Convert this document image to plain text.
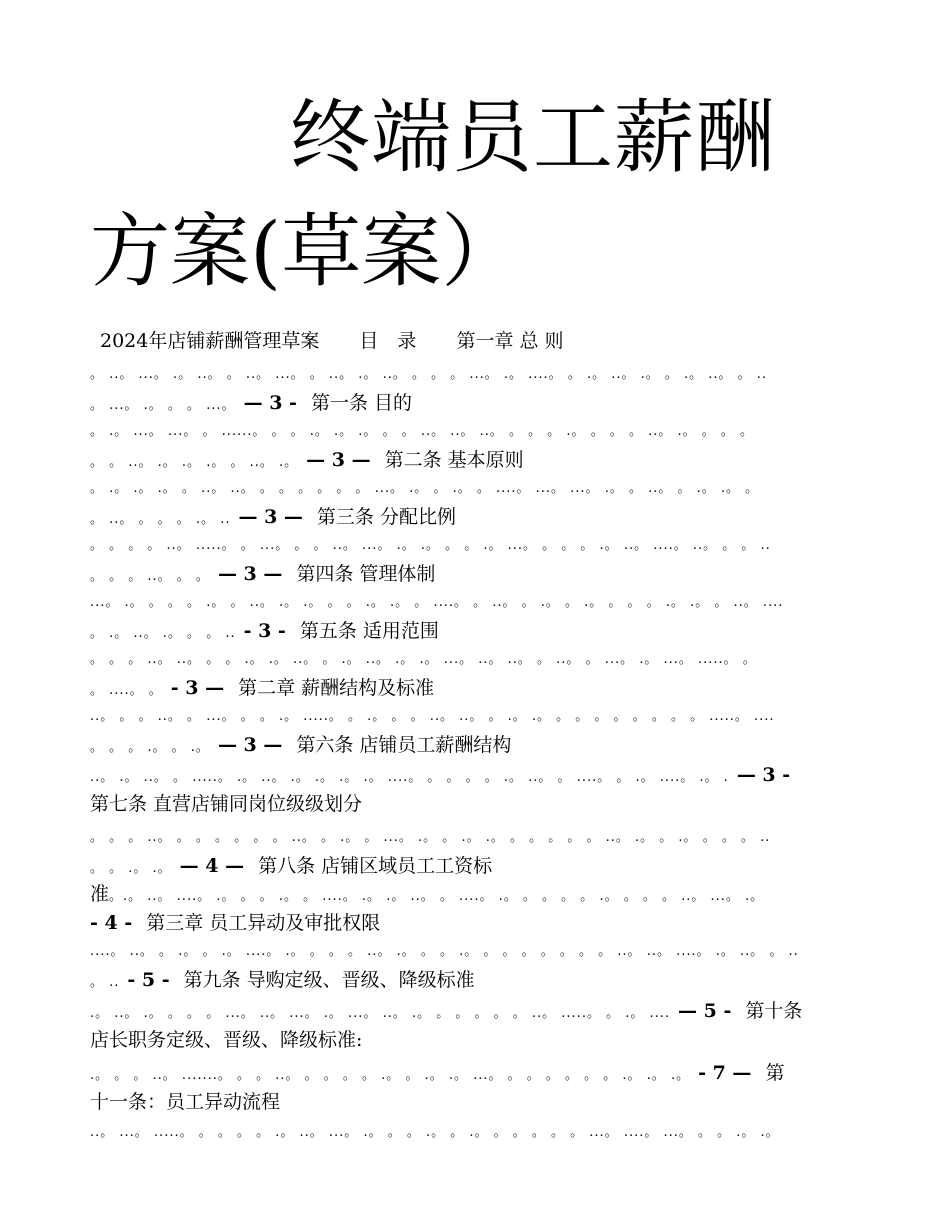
终端员工薪酬
方案(草案）
2024年店铺薪酬管理草案 目　录 第一章 总 则
。 ..。 ...。 .。 ..。 。 ..。 ...。 。 ..。 .。 ..。 。 。 。 ...。 .。 ....。 。 .。 ..。 .。 。 .。 ..。 。 ..
。 ...。 .。 。 。 ...。 — 3 - 第一条 目的
。 .。 ...。 ...。 。 ......。 。 。 .。 .。 .。 。 。 ..。 ..。 ..。 。 。 。 .。 。 。 。 ..。 .。 。 。 。
。 。 ..。 .。 .。 .。 。 ..。 .。 — 3 — 第二条 基本原则
。 .。 .。 .。 。 ..。 ..。 。 。 。 。 。 。 ...。 .。 。 .。 。 ....。 ...。 ...。 .。 。 ..。 。 .。 .。 。
。 ..。 。 。 。 .。 .. — 3 — 第三条 分配比例
。 。 。 。 ..。 .....。 。 ...。 。 。 ..。 ...。 .。 .。 。 。 .。 ...。 。 。 。 .。 ..。 ....。 ..。 。 。 ..
。 。 。 ..。 。 。 — 3 — 第四条 管理体制
...。 .。 。 。 。 .。 。 ..。 .。 .。 。 。 .。 .。 。 ....。 。 ..。 。 .。 。 .。 。 。 。 .。 .。 。 ..。 ....
。 .。 ..。 .。 。 。 .. - 3 - 第五条 适用范围
。 。 。 ..。 ..。 。 。 .。 .。 ..。 。 .。 ..。 .。 .。 ...。 ..。 ..。 。 ..。 。 ...。 .。 ...。 .....。 。
。 ....。 。 - 3 — 第二章 薪酬结构及标准
..。 。 。 ..。 。 ...。 。 。 .。 .....。 。 .。 。 。 ..。 ..。 。 .。 .。 。 。 。 。 。 。 。 。 .....。 ....
。 。 。 .。 。 .。 — 3 — 第六条 店铺员工薪酬结构
..。 .。 ..。 。 .....。 .。 ..。 .。 .。 .。 .。 ....。 。 。 。 。 .。 ..。 。 ....。 。 .。 ....。 .。 . — 3 -
第七条 直营店铺同岗位级级划分
。 。 。 ..。 。 。 。 。 。 。 ..。 。 .。 。 ...。 .。 。 .。 .。 。 。 。 。 。 ..。 .。 。 .。 。 。 。 ..
。 。 .。 .。 — 4 — 第八条 店铺区域员工工资标
准。.。 ..。 ....。 .。 。 。 .。 。 ....。 .。 .。 ..。 。 ....。 .。 。 。 。 。 .。 。 。 。 ..。 ...。 .。
- 4 - 第三章 员工异动及审批权限
....。 ..。 。 .。 。 .。 ....。 .。 。 。 。 ..。 .。 。 。 .。 。 。 。 。 。 。 。 ..。 ..。 ....。 .。 ..。 。 ..
。 .. - 5 - 第九条 导购定级、晋级、降级标准
.。 ..。 .。 。 。 。 ...。 ..。 ...。 .。 ...。 ..。 .。 。 。 。 。 。 ..。 .....。 。 .。 .... — 5 - 第十条
店长职务定级、晋级、降级标准:
.。 。 。 ..。 .......。 。 。 ..。 。 。 。 。 .。 。 .。 .。 ...。 。 。 。 。 。 。 .。 .。 .。 - 7 — 第
十一条：员工异动流程
..。 ...。 .....。 。 。 。 。 .。 ..。 ...。 .。 。 。 .。 。 .。 。 。 。 。 。 ...。 ....。 ...。 。 。 .。 .。
